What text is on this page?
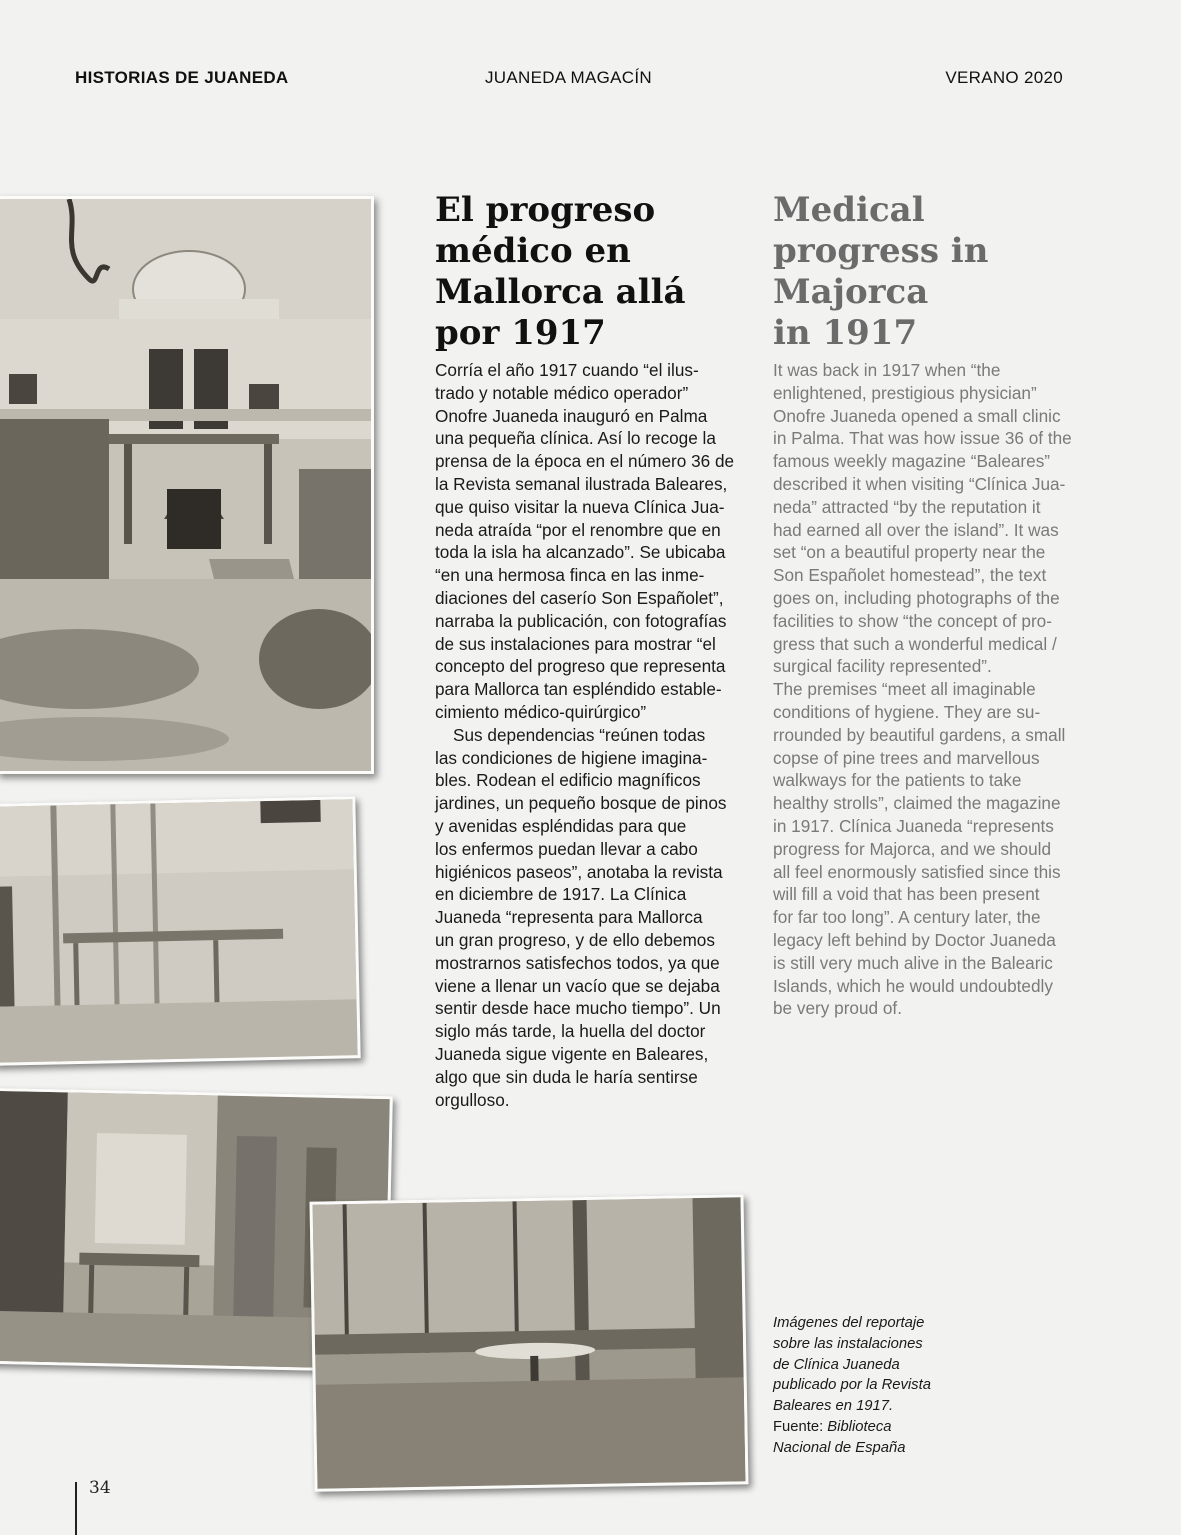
HISTORIAS DE JUANEDA	JUANEDA MAGACÍN	VERANO 2020
El progreso
médico en
Mallorca allá
por 1917
Medical
progress in
Majorca
in 1917
Corría el año 1917 cuando “el ilus-
trado y notable médico operador”
Onofre Juaneda inauguró en Palma
una pequeña clínica. Así lo recoge la
prensa de la época en el número 36 de
la Revista semanal ilustrada Baleares,
que quiso visitar la nueva Clínica Jua-
neda atraída “por el renombre que en
toda la isla ha alcanzado”. Se ubicaba
“en una hermosa finca en las inme-
diaciones del caserío Son Españolet”,
narraba la publicación, con fotografías
de sus instalaciones para mostrar “el
concepto del progreso que representa
para Mallorca tan espléndido estable-
cimiento médico-quirúrgico”
Sus dependencias “reúnen todas
las condiciones de higiene imagina-
bles. Rodean el edificio magníficos
jardines, un pequeño bosque de pinos
y avenidas espléndidas para que
los enfermos puedan llevar a cabo
higiénicos paseos”, anotaba la revista
en diciembre de 1917. La Clínica
Juaneda “representa para Mallorca
un gran progreso, y de ello debemos
mostrarnos satisfechos todos, ya que
viene a llenar un vacío que se dejaba
sentir desde hace mucho tiempo”. Un
siglo más tarde, la huella del doctor
Juaneda sigue vigente en Baleares,
algo que sin duda le haría sentirse
orgulloso.
It was back in 1917 when “the
enlightened, prestigious physician”
Onofre Juaneda opened a small clinic
in Palma. That was how issue 36 of the
famous weekly magazine “Baleares”
described it when visiting “Clínica Jua-
neda” attracted “by the reputation it
had earned all over the island”. It was
set “on a beautiful property near the
Son Españolet homestead”, the text
goes on, including photographs of the
facilities to show “the concept of pro-
gress that such a wonderful medical /
surgical facility represented”.
The premises “meet all imaginable
conditions of hygiene. They are su-
rrounded by beautiful gardens, a small
copse of pine trees and marvellous
walkways for the patients to take
healthy strolls”, claimed the magazine
in 1917. Clínica Juaneda “represents
progress for Majorca, and we should
all feel enormously satisfied since this
will fill a void that has been present
for far too long”. A century later, the
legacy left behind by Doctor Juaneda
is still very much alive in the Balearic
Islands, which he would undoubtedly
be very proud of.
Imágenes del reportaje
sobre las instalaciones
de Clínica Juaneda
publicado por la Revista
Baleares en 1917.
Fuente: Biblioteca
Nacional de España
34
